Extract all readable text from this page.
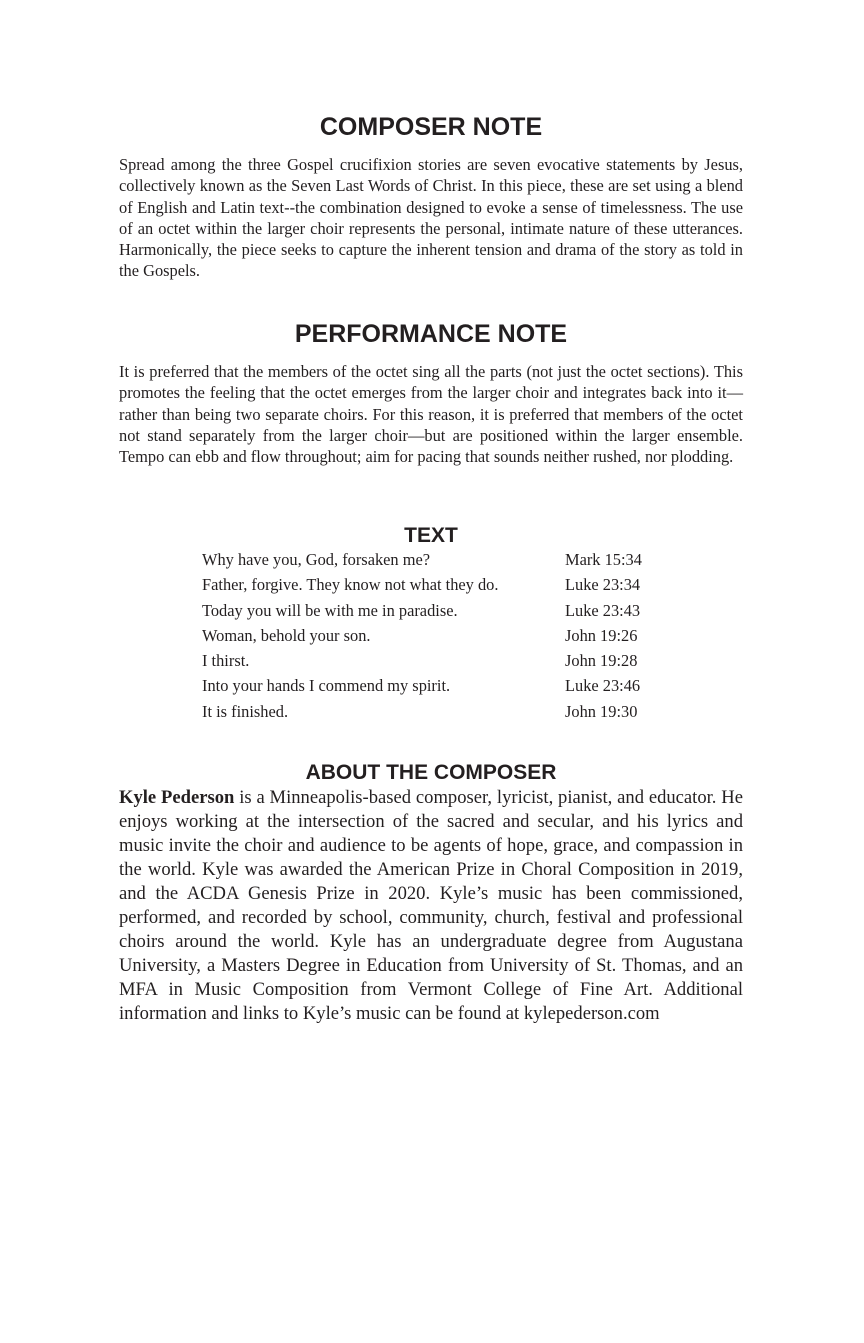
COMPOSER NOTE

Spread among the three Gospel crucifixion stories are seven evocative statements by Jesus, collectively known as the Seven Last Words of Christ. In this piece, these are set using a blend of English and Latin text--the combination designed to evoke a sense of timelessness. The use of an octet within the larger choir represents the personal, intimate nature of these utterances. Harmonically, the piece seeks to capture the inherent tension and drama of the story as told in the Gospels.

PERFORMANCE NOTE

It is preferred that the members of the octet sing all the parts (not just the octet sections). This promotes the feeling that the octet emerges from the larger choir and integrates back into it—rather than being two separate choirs. For this reason, it is preferred that members of the octet not stand separately from the larger choir—but are positioned within the larger ensemble. Tempo can ebb and flow throughout; aim for pacing that sounds neither rushed, nor plodding.

TEXT
Why have you, God, forsaken me?	Mark 15:34
Father, forgive. They know not what they do.	Luke 23:34
Today you will be with me in paradise.	Luke 23:43
Woman, behold your son.	John 19:26
I thirst.	John 19:28
Into your hands I commend my spirit.	Luke 23:46
It is finished.	John 19:30
ABOUT THE COMPOSER

Kyle Pederson is a Minneapolis-based composer, lyricist, pianist, and educator. He enjoys working at the intersection of the sacred and secular, and his lyrics and music invite the choir and audience to be agents of hope, grace, and compassion in the world. Kyle was awarded the American Prize in Choral Composition in 2019, and the ACDA Genesis Prize in 2020. Kyle’s music has been commissioned, performed, and recorded by school, community, church, festival and professional choirs around the world. Kyle has an undergraduate degree from Augustana University, a Masters Degree in Education from University of St. Thomas, and an MFA in Music Composition from Vermont College of Fine Art. Additional information and links to Kyle’s music can be found at kylepederson.com
